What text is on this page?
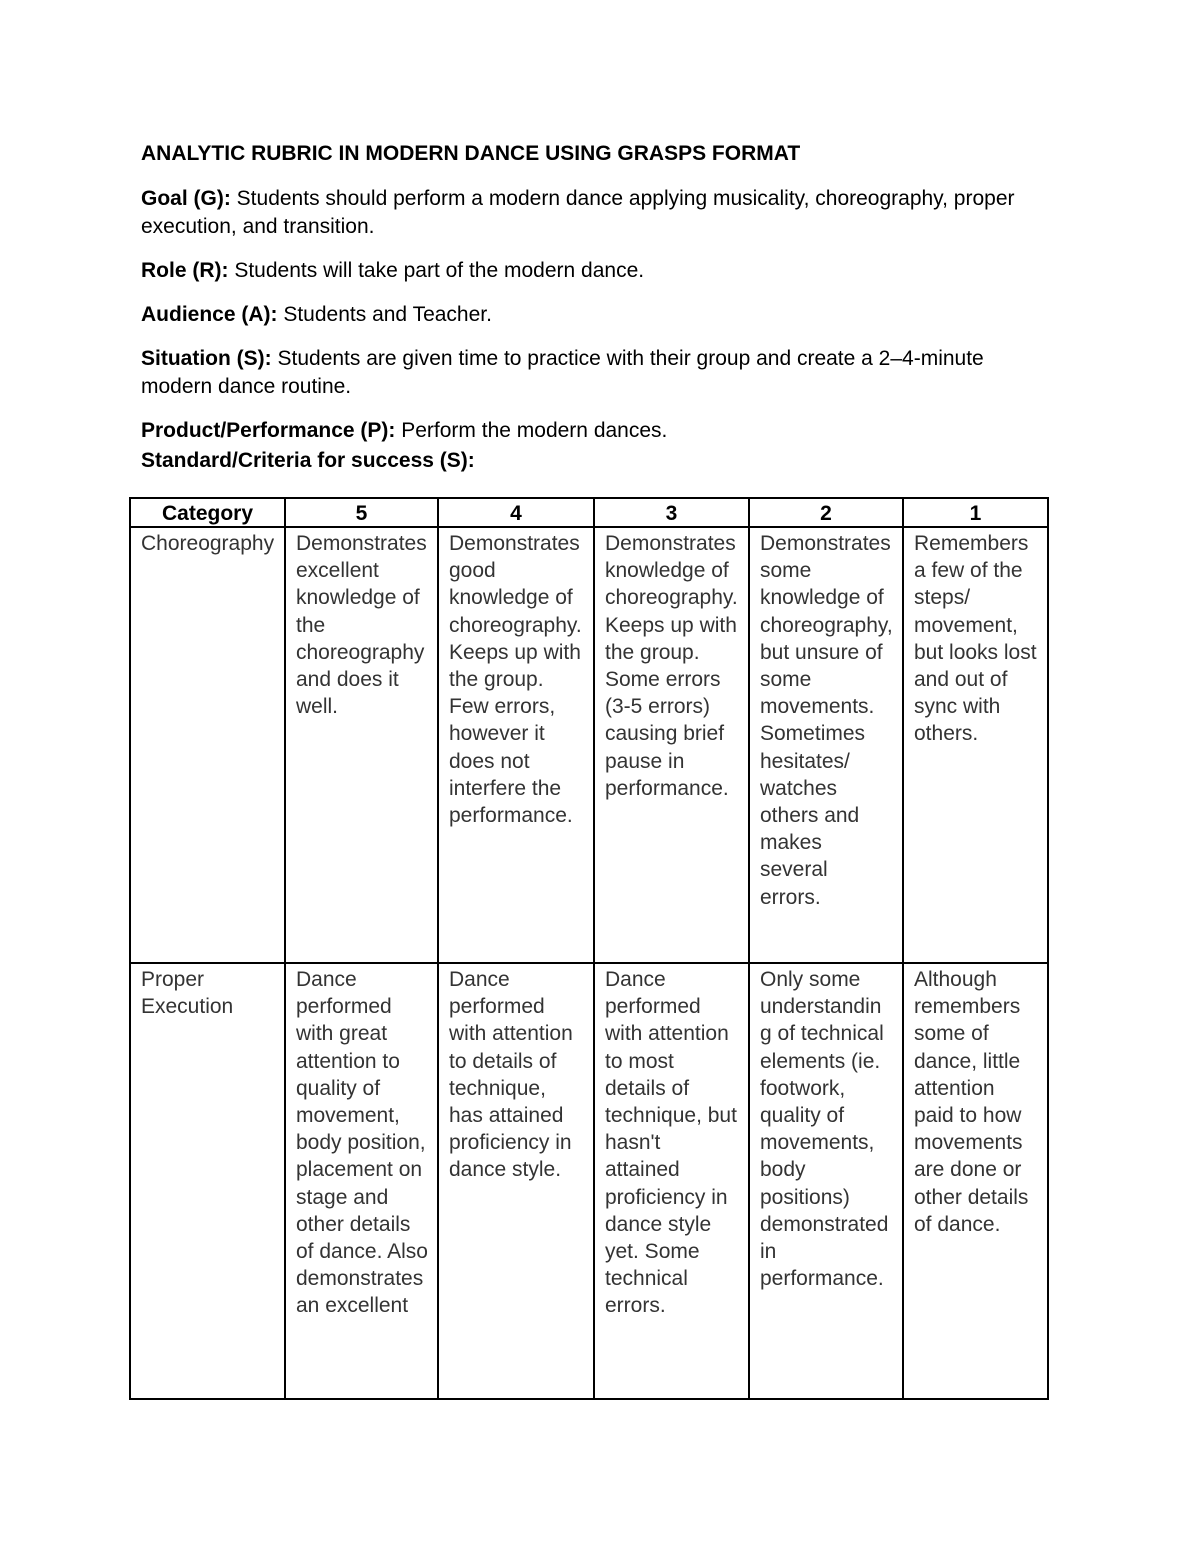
ANALYTIC RUBRIC IN MODERN DANCE USING GRASPS FORMAT
Goal (G): Students should perform a modern dance applying musicality, choreography, proper execution, and transition.
Role (R): Students will take part of the modern dance.
Audience (A): Students and Teacher.
Situation (S): Students are given time to practice with their group and create a 2–4-minute modern dance routine.
Product/Performance (P): Perform the modern dances.
Standard/Criteria for success (S):
Category	5	4	3	2	1
Choreography	Demonstrates excellent knowledge of the choreography and does it well.	Demonstrates good knowledge of choreography. Keeps up with the group. Few errors, however it does not interfere the performance.	Demonstrates knowledge of choreography. Keeps up with the group. Some errors (3-5 errors) causing brief pause in performance.	Demonstrates some knowledge of choreography, but unsure of some movements. Sometimes hesitates/ watches others and makes several errors.	Remembers a few of the steps/ movement, but looks lost and out of sync with others.
Proper Execution	Dance performed with great attention to quality of movement, body position, placement on stage and other details of dance. Also demonstrates an excellent	Dance performed with attention to details of technique, has attained proficiency in dance style.	Dance performed with attention to most details of technique, but hasn't attained proficiency in dance style yet. Some technical errors.	Only some understanding of technical elements (ie. footwork, quality of movements, body positions) demonstrated in performance.	Although remembers some of dance, little attention paid to how movements are done or other details of dance.
